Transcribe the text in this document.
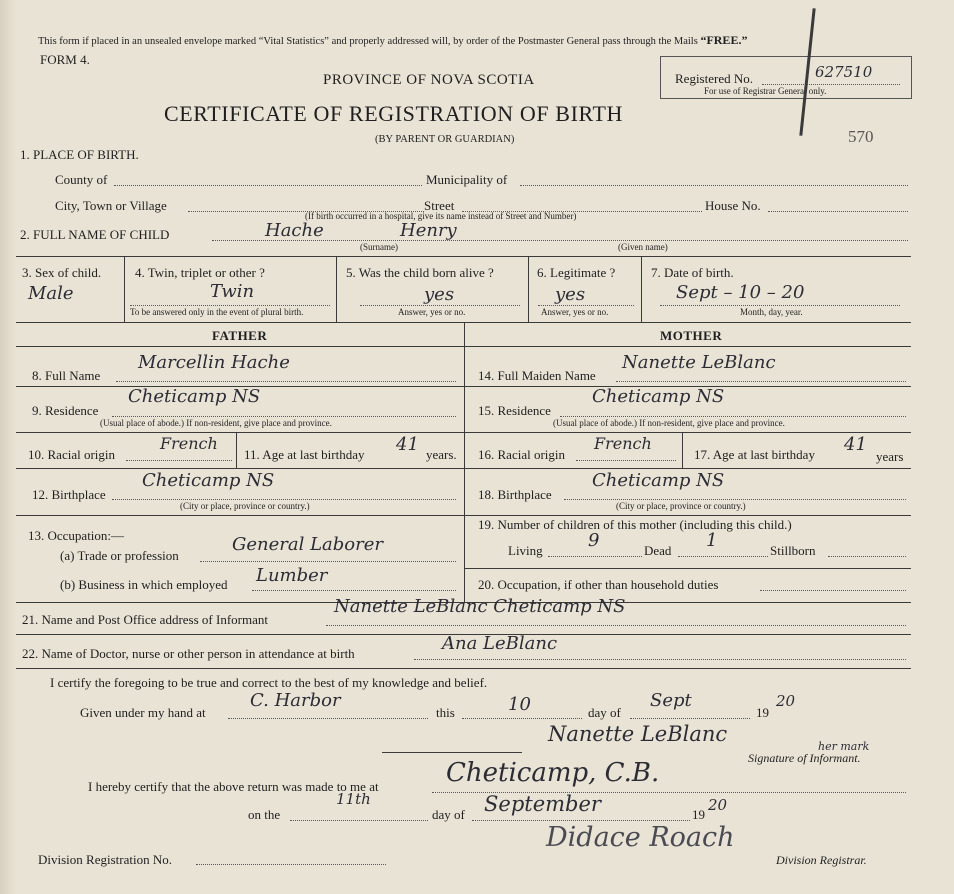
This form if placed in an unsealed envelope marked “Vital Statistics” and properly addressed will, by order of the Postmaster General pass through the Mails “FREE.”
FORM 4.
PROVINCE OF NOVA SCOTIA
CERTIFICATE OF REGISTRATION OF BIRTH
(BY PARENT OR GUARDIAN)
Registered No.	627510
For use of Registrar General only.
570
1. PLACE OF BIRTH.
County of	Municipality of
City, Town or Village	Street	House No.
(If birth occurred in a hospital, give its name instead of Street and Number)
2. FULL NAME OF CHILD	Hache	Henry
(Surname)	(Given name)
3. Sex of child.
Male
4. Twin, triplet or other ?
Twin
To be answered only in the event of plural birth.
5. Was the child born alive ?
yes
Answer, yes or no.
6. Legitimate ?
yes
Answer, yes or no.
7. Date of birth.
Sept – 10 – 20
Month, day, year.
FATHER	MOTHER
8. Full Name
Marcellin Hache
9. Residence
Cheticamp NS
(Usual place of abode.) If non-resident, give place and province.
10. Racial origin
French
11. Age at last birthday 41 years.
12. Birthplace
Cheticamp NS
(City or place, province or country.)
13. Occupation:—
(a) Trade or profession
General Laborer
(b) Business in which employed Lumber
14. Full Maiden Name
Nanette LeBlanc
15. Residence
Cheticamp NS
(Usual place of abode.) If non-resident, give place and province.
16. Racial origin
French
17. Age at last birthday 41
years
18. Birthplace
Cheticamp NS
(City or place, province or country.)
19. Number of children of this mother (including this child.)
Living	9	Dead 1	Stillborn
20. Occupation, if other than household duties
21. Name and Post Office address of Informant
Nanette LeBlanc Cheticamp NS
22. Name of Doctor, nurse or other person in attendance at birth	Ana LeBlanc
I certify the foregoing to be true and correct to the best of my knowledge and belief.
Given under my hand at
C. Harbor
this	10	day of
Sept
19
20
Nanette LeBlanc
her mark
Signature of Informant.
I hereby certify that the above return was made to me at	Cheticamp, C.B.
on the
11th
day of September	19
20
Division Registration No.
Didace Roach
Division Registrar.
